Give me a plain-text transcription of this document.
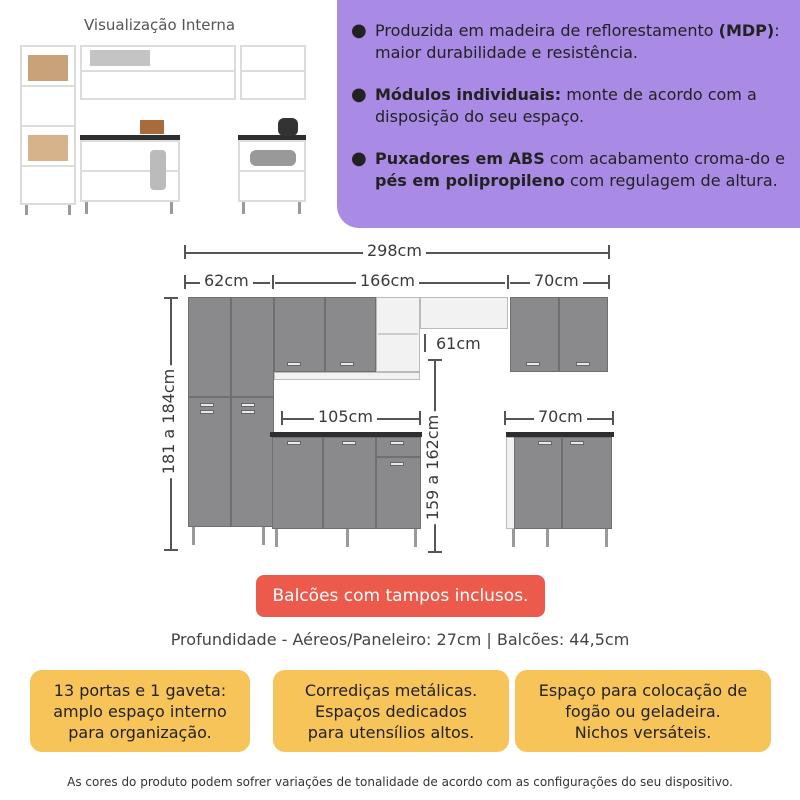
Visualização Interna	● Produzida em madeira de reflorestamento (MDP): maior durabilidade e resistência.
● Módulos individuais: monte de acordo com a disposição do seu espaço.
● Puxadores em ABS com acabamento croma-do e pés em polipropileno com regulagem de altura.
298cm
62cm	166cm	70cm
181 a 184cm
61cm
159 a 162cm
105cm	70cm
Balcões com tampos inclusos.
Profundidade - Aéreos/Paneleiro: 27cm | Balcões: 44,5cm
13 portas e 1 gaveta:
amplo espaço interno
para organização.
Corrediças metálicas.
Espaços dedicados
para utensílios altos.
Espaço para colocação de
fogão ou geladeira.
Nichos versáteis.
As cores do produto podem sofrer variações de tonalidade de acordo com as configurações do seu dispositivo.
